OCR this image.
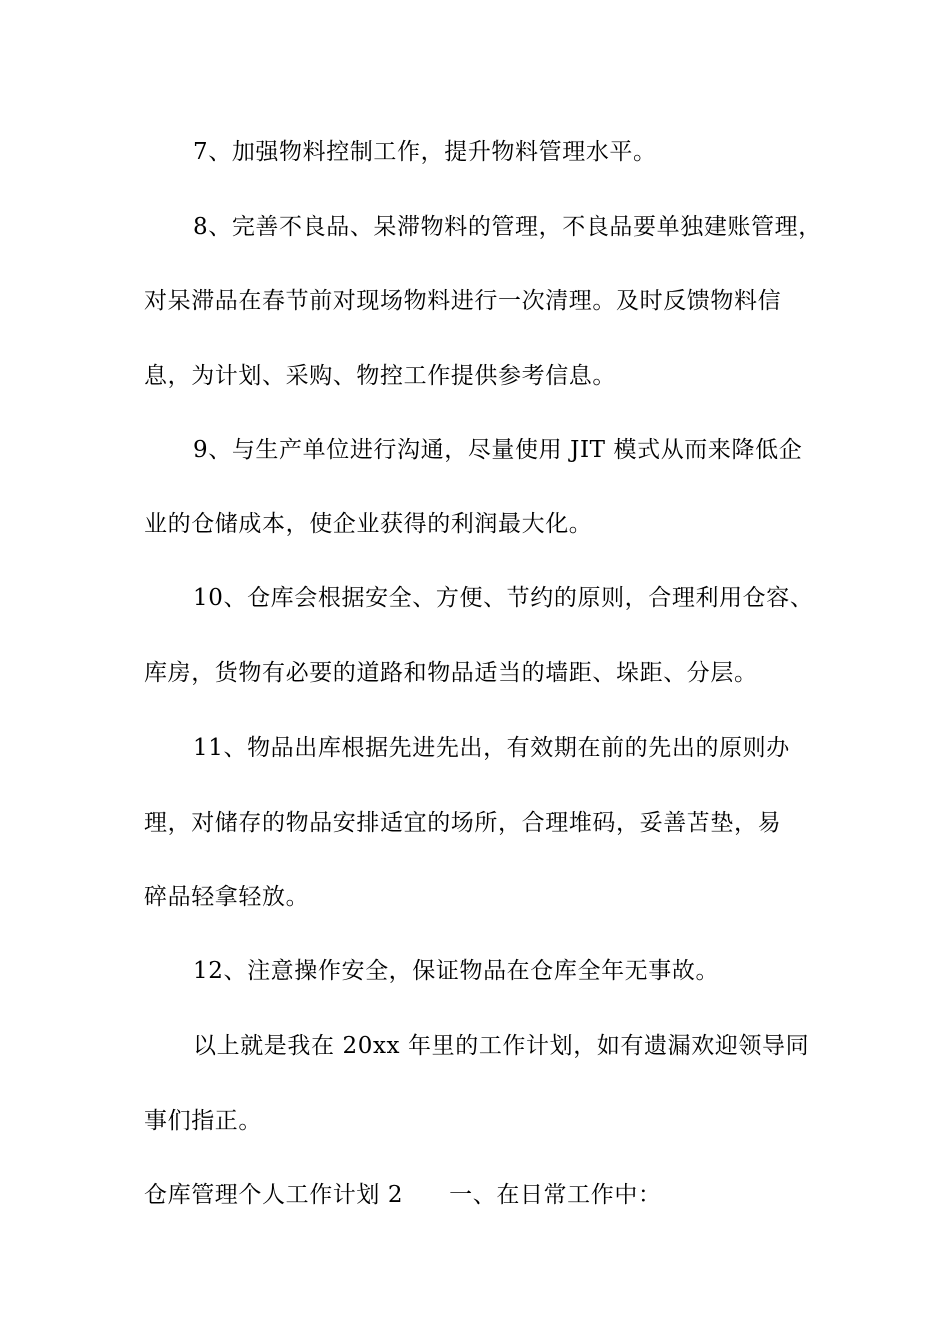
7、加强物料控制工作，提升物料管理水平。
8、完善不良品、呆滞物料的管理，不良品要单独建账管理，
对呆滞品在春节前对现场物料进行一次清理。及时反馈物料信
息，为计划、采购、物控工作提供参考信息。
9、与生产单位进行沟通，尽量使用 JIT 模式从而来降低企
业的仓储成本，使企业获得的利润最大化。
10、仓库会根据安全、方便、节约的原则，合理利用仓容、
库房，货物有必要的道路和物品适当的墙距、垛距、分层。
11、物品出库根据先进先出，有效期在前的先出的原则办
理，对储存的物品安排适宜的场所，合理堆码，妥善苫垫，易
碎品轻拿轻放。
12、注意操作安全，保证物品在仓库全年无事故。
以上就是我在 20xx 年里的工作计划，如有遗漏欢迎领导同
事们指正。
仓库管理个人工作计划 2 一、在日常工作中：
